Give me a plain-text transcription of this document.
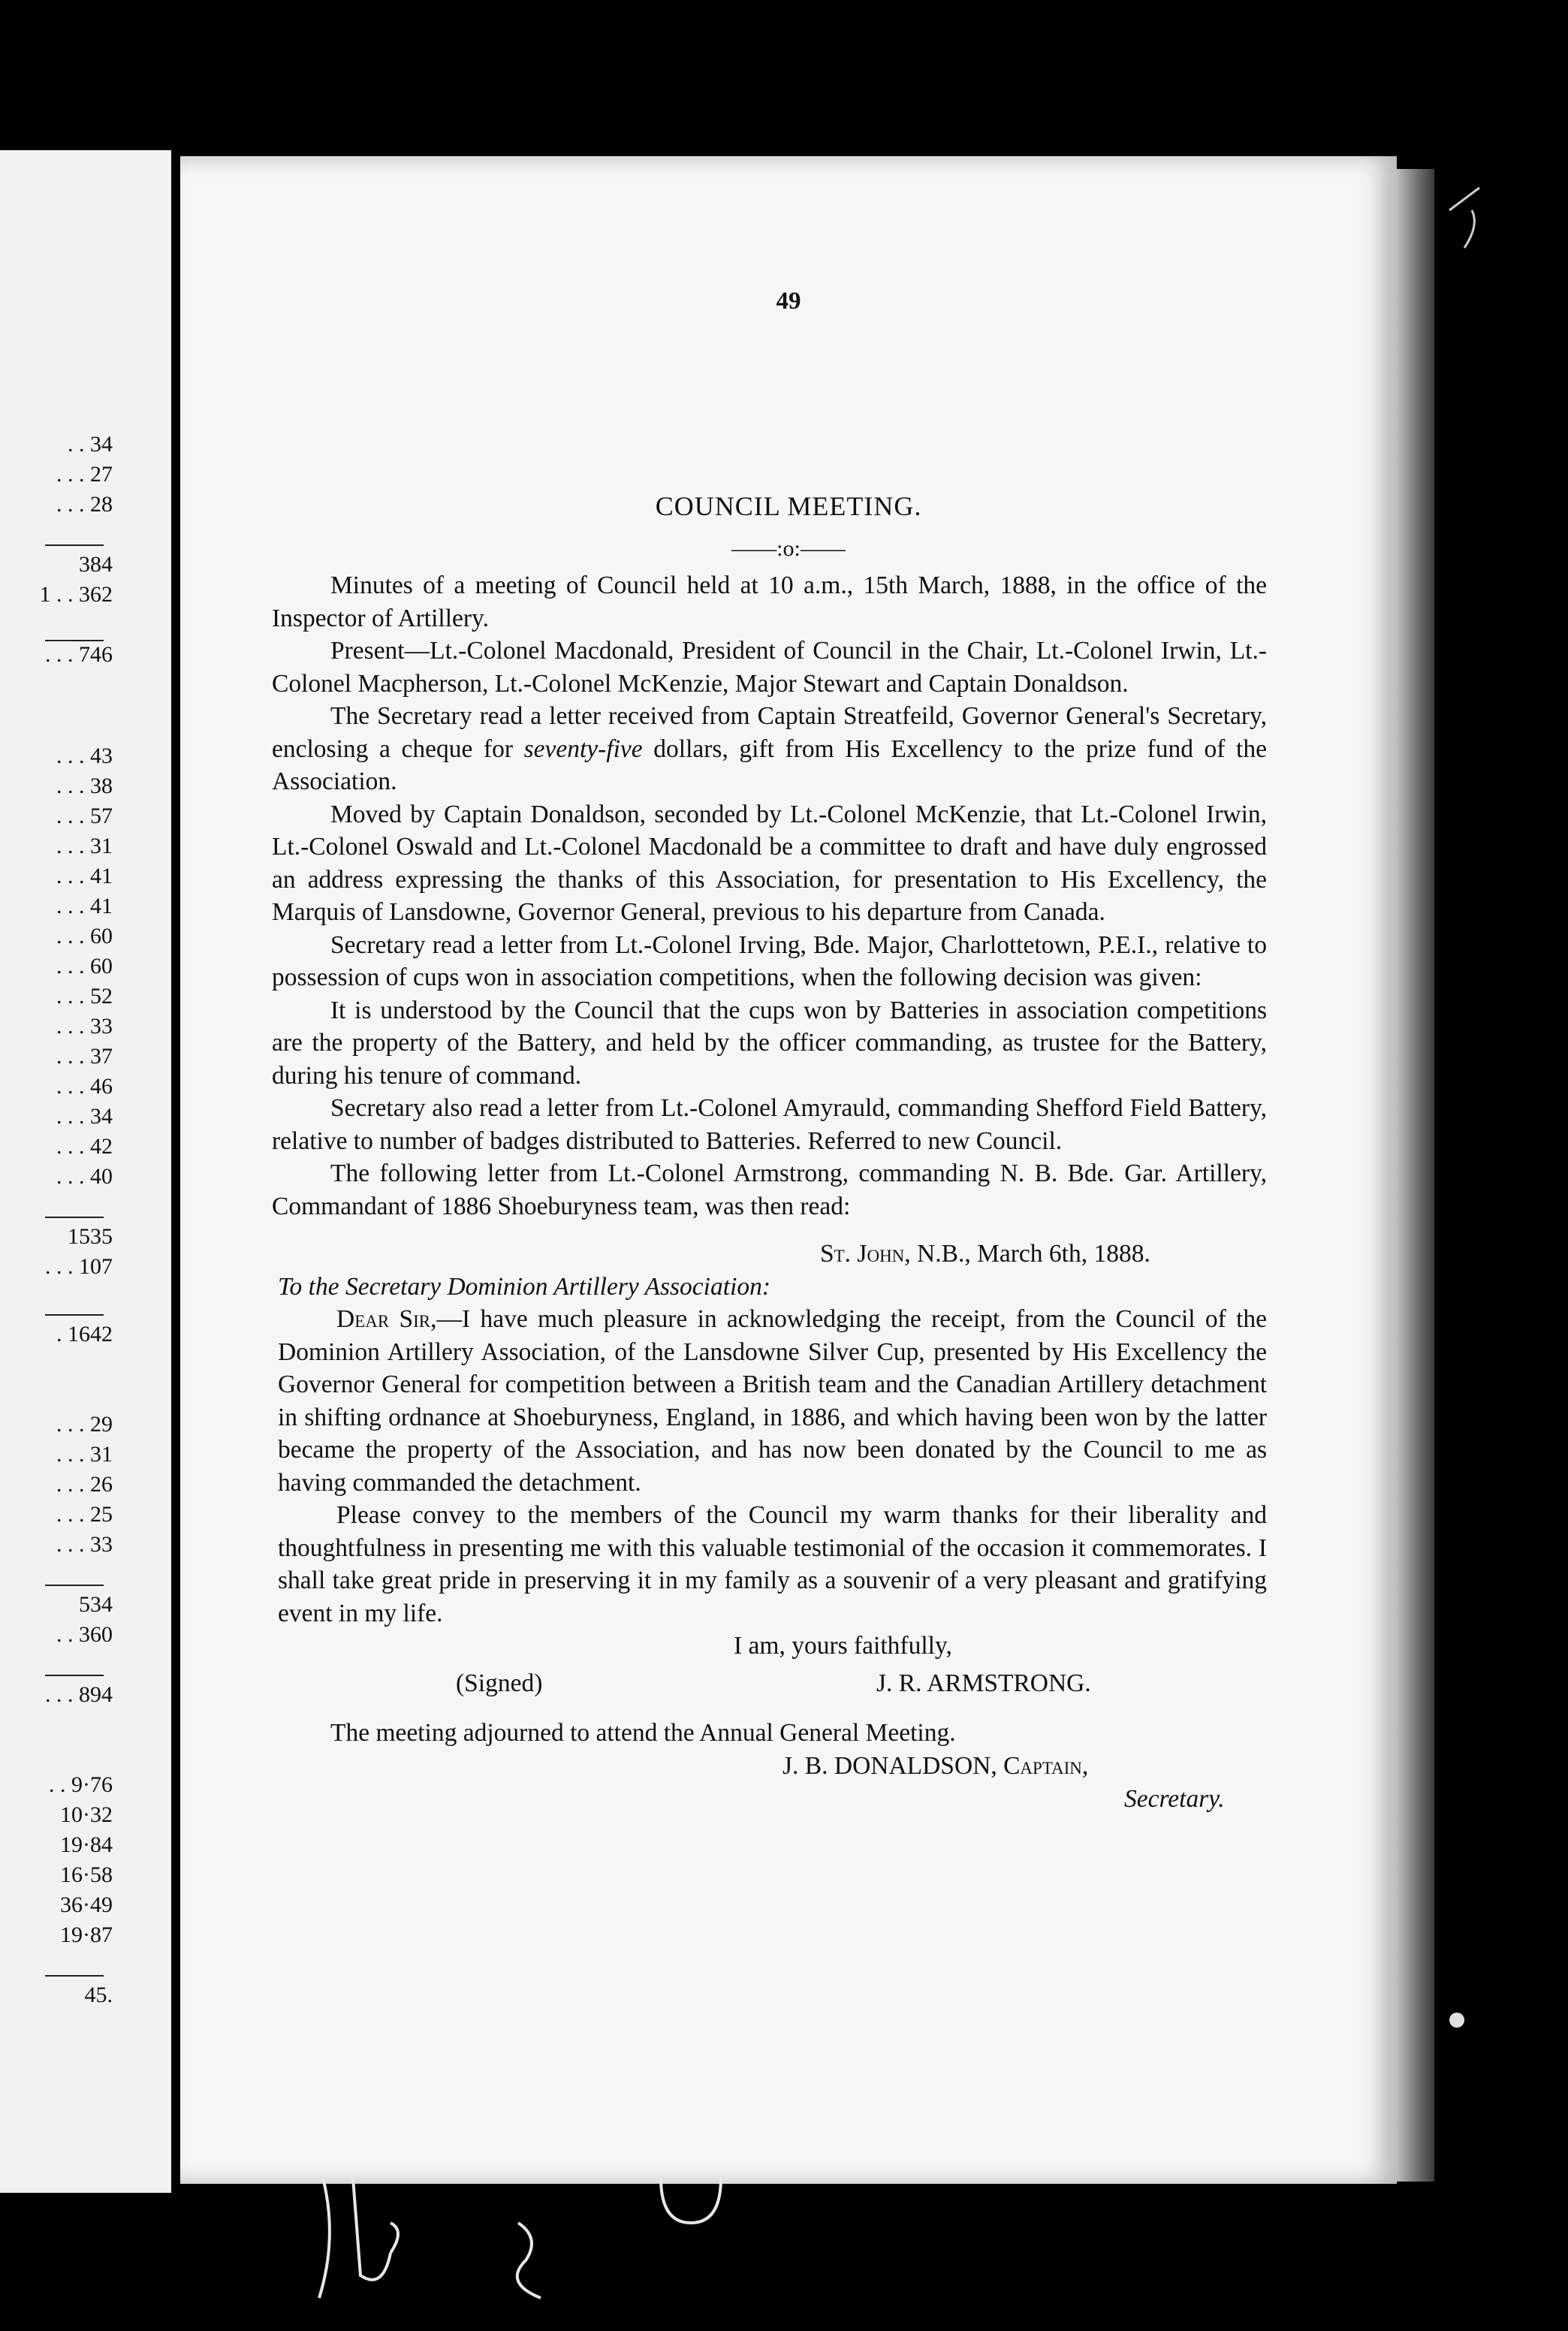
. . 34
. . . 27
. . . 28
384
1 . . 362
. . . 746
. . . 43
. . . 38
. . . 57
. . . 31
. . . 41
. . . 41
. . . 60
. . . 60
. . . 52
. . . 33
. . . 37
. . . 46
. . . 34
. . . 42
. . . 40
1535
. . . 107
. 1642
. . . 29
. . . 31
. . . 26
. . . 25
. . . 33
534
. . 360
. . . 894
. . 9·76
10·32
19·84
16·58
36·49
19·87
45.
49
COUNCIL MEETING.
——:o:——

Minutes of a meeting of Council held at 10 a.m., 15th March, 1888, in the office of the Inspector of Artillery.

Present—Lt.-Colonel Macdonald, President of Council in the Chair, Lt.-Colonel Irwin, Lt.-Colonel Macpherson, Lt.-Colonel McKenzie, Major Stewart and Captain Donaldson.

The Secretary read a letter received from Captain Streatfeild, Governor General's Secretary, enclosing a cheque for seventy-five dollars, gift from His Excellency to the prize fund of the Association.

Moved by Captain Donaldson, seconded by Lt.-Colonel McKenzie, that Lt.-Colonel Irwin, Lt.-Colonel Oswald and Lt.-Colonel Macdonald be a committee to draft and have duly engrossed an address expressing the thanks of this Association, for presentation to His Excellency, the Marquis of Lansdowne, Governor General, previous to his departure from Canada.

Secretary read a letter from Lt.-Colonel Irving, Bde. Major, Charlottetown, P.E.I., relative to possession of cups won in association competitions, when the following decision was given:

It is understood by the Council that the cups won by Batteries in association competitions are the property of the Battery, and held by the officer commanding, as trustee for the Battery, during his tenure of command.

Secretary also read a letter from Lt.-Colonel Amyrauld, commanding Shefford Field Battery, relative to number of badges distributed to Batteries. Referred to new Council.

The following letter from Lt.-Colonel Armstrong, commanding N. B. Bde. Gar. Artillery, Commandant of 1886 Shoeburyness team, was then read:

St. John, N.B., March 6th, 1888.

To the Secretary Dominion Artillery Association:

Dear Sir,—I have much pleasure in acknowledging the receipt, from the Council of the Dominion Artillery Association, of the Lansdowne Silver Cup, presented by His Excellency the Governor General for competition between a British team and the Canadian Artillery detachment in shifting ordnance at Shoeburyness, England, in 1886, and which having been won by the latter became the property of the Association, and has now been donated by the Council to me as having commanded the detachment.

Please convey to the members of the Council my warm thanks for their liberality and thoughtfulness in presenting me with this valuable testimonial of the occasion it commemorates. I shall take great pride in preserving it in my family as a souvenir of a very pleasant and gratifying event in my life.

I am, yours faithfully,
(Signed)	J. R. ARMSTRONG.

The meeting adjourned to attend the Annual General Meeting.

J. B. DONALDSON, Captain,
Secretary.
